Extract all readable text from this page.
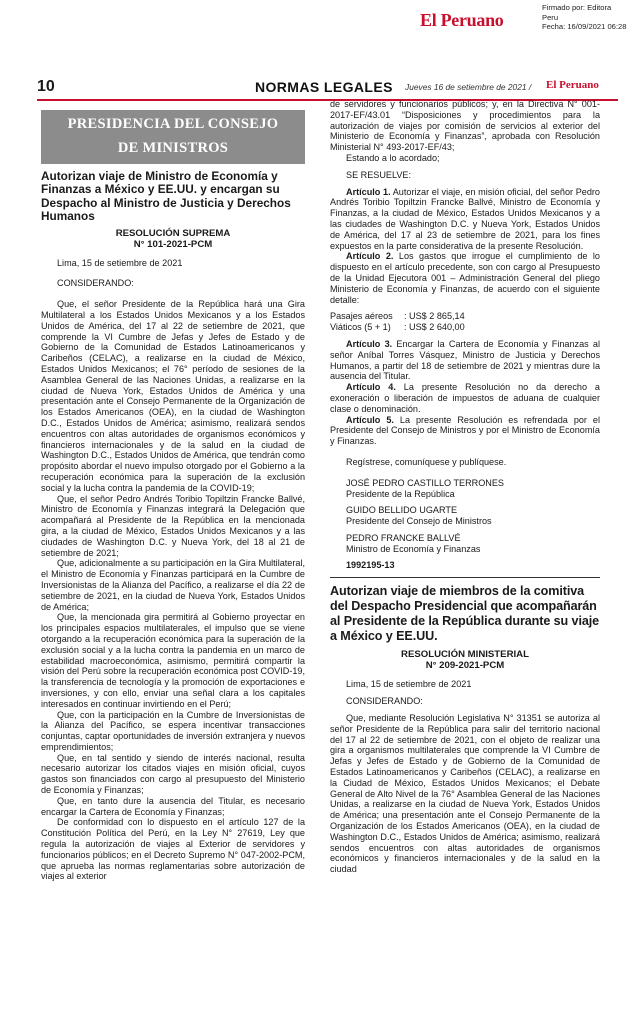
El Peruano
Firmado por: Editora
Peru
Fecha: 16/09/2021 06:28
10	NORMAS LEGALES Jueves 16 de setiembre de 2021 / El Peruano
PRESIDENCIA DEL CONSEJO
DE MINISTROS

Autorizan viaje de Ministro de Economía y Finanzas a México y EE.UU. y encargan su Despacho al Ministro de Justicia y Derechos Humanos

RESOLUCIÓN SUPREMA
N° 101-2021-PCM

Lima, 15 de setiembre de 2021

CONSIDERANDO:

Que, el señor Presidente de la República hará una Gira Multilateral a los Estados Unidos Mexicanos y a los Estados Unidos de América, del 17 al 22 de setiembre de 2021, que comprende la VI Cumbre de Jefas y Jefes de Estado y de Gobierno de la Comunidad de Estados Latinoamericanos y Caribeños (CELAC), a realizarse en la ciudad de México, Estados Unidos Mexicanos; el 76° período de sesiones de la Asamblea General de las Naciones Unidas, a realizarse en la ciudad de Nueva York, Estados Unidos de América y una presentación ante el Consejo Permanente de la Organización de los Estados Americanos (OEA), en la ciudad de Washington D.C., Estados Unidos de América; asimismo, realizará sendos encuentros con altas autoridades de organismos económicos y financieros internacionales y de la salud en la ciudad de Washington D.C., Estados Unidos de América, que tendrán como propósito abordar el nuevo impulso otorgado por el Gobierno a la recuperación económica para la superación de la exclusión social y la lucha contra la pandemia de la COVID-19;

Que, el señor Pedro Andrés Toribio Topiltzin Francke Ballvé, Ministro de Economía y Finanzas integrará la Delegación que acompañará al Presidente de la República en la mencionada gira, a la ciudad de México, Estados Unidos Mexicanos y a las ciudades de Washington D.C. y Nueva York, del 18 al 21 de setiembre de 2021;

Que, adicionalmente a su participación en la Gira Multilateral, el Ministro de Economía y Finanzas participará en la Cumbre de Inversionistas de la Alianza del Pacífico, a realizarse el día 22 de setiembre de 2021, en la ciudad de Nueva York, Estados Unidos de América;

Que, la mencionada gira permitirá al Gobierno proyectar en los principales espacios multilaterales, el impulso que se viene otorgando a la recuperación económica para la superación de la exclusión social y a la lucha contra la pandemia en un marco de estabilidad macroeconómica, asimismo, permitirá compartir la visión del Perú sobre la recuperación económica post COVID-19, la transferencia de tecnología y la promoción de exportaciones e inversiones, y con ello, enviar una señal clara a los capitales interesados en continuar invirtiendo en el Perú;

Que, con la participación en la Cumbre de Inversionistas de la Alianza del Pacífico, se espera incentivar transacciones conjuntas, captar oportunidades de inversión extranjera y nuevos emprendimientos;

Que, en tal sentido y siendo de interés nacional, resulta necesario autorizar los citados viajes en misión oficial, cuyos gastos son financiados con cargo al presupuesto del Ministerio de Economía y Finanzas;

Que, en tanto dure la ausencia del Titular, es necesario encargar la Cartera de Economía y Finanzas;

De conformidad con lo dispuesto en el artículo 127 de la Constitución Política del Perú, en la Ley N° 27619, Ley que regula la autorización de viajes al Exterior de servidores y funcionarios públicos; en el Decreto Supremo N° 047-2002-PCM, que aprueba las normas reglamentarias sobre autorización de viajes al exterior

de servidores y funcionarios públicos; y, en la Directiva N° 001-2017-EF/43.01 “Disposiciones y procedimientos para la autorización de viajes por comisión de servicios al exterior del Ministerio de Economía y Finanzas”, aprobada con Resolución Ministerial N° 493-2017-EF/43;

Estando a lo acordado;

SE RESUELVE:

Artículo 1. Autorizar el viaje, en misión oficial, del señor Pedro Andrés Toribio Topiltzin Francke Ballvé, Ministro de Economía y Finanzas, a la ciudad de México, Estados Unidos Mexicanos y a las ciudades de Washington D.C. y Nueva York, Estados Unidos de América, del 17 al 23 de setiembre de 2021, para los fines expuestos en la parte considerativa de la presente Resolución.

Artículo 2. Los gastos que irrogue el cumplimiento de lo dispuesto en el artículo precedente, son con cargo al Presupuesto de la Unidad Ejecutora 001 – Administración General del pliego Ministerio de Economía y Finanzas, de acuerdo con el siguiente detalle:

Pasajes aéreos	: US$ 2 865,14
Viáticos (5 + 1)	: US$ 2 640,00

Artículo 3. Encargar la Cartera de Economía y Finanzas al señor Aníbal Torres Vásquez, Ministro de Justicia y Derechos Humanos, a partir del 18 de setiembre de 2021 y mientras dure la ausencia del Titular.

Artículo 4. La presente Resolución no da derecho a exoneración o liberación de impuestos de aduana de cualquier clase o denominación.

Artículo 5. La presente Resolución es refrendada por el Presidente del Consejo de Ministros y por el Ministro de Economía y Finanzas.

Regístrese, comuníquese y publíquese.

JOSÉ PEDRO CASTILLO TERRONES

Presidente de la República

GUIDO BELLIDO UGARTE

Presidente del Consejo de Ministros

PEDRO FRANCKE BALLVÉ

Ministro de Economía y Finanzas

1992195-13

Autorizan viaje de miembros de la comitiva del Despacho Presidencial que acompañarán al Presidente de la República durante su viaje a México y EE.UU.

RESOLUCIÓN MINISTERIAL
N° 209-2021-PCM

Lima, 15 de setiembre de 2021

CONSIDERANDO:

Que, mediante Resolución Legislativa N° 31351 se autoriza al señor Presidente de la República para salir del territorio nacional del 17 al 22 de setiembre de 2021, con el objeto de realizar una gira a organismos multilaterales que comprende la VI Cumbre de Jefas y Jefes de Estado y de Gobierno de la Comunidad de Estados Latinoamericanos y Caribeños (CELAC), a realizarse en la Ciudad de México, Estados Unidos Mexicanos; el Debate General de Alto Nivel de la 76° Asamblea General de las Naciones Unidas, a realizarse en la ciudad de Nueva York, Estados Unidos de América; una presentación ante el Consejo Permanente de la Organización de los Estados Americanos (OEA), en la ciudad de Washington D.C., Estados Unidos de América; asimismo, realizará sendos encuentros con altas autoridades de organismos económicos y financieros internacionales y de la salud en la ciudad
